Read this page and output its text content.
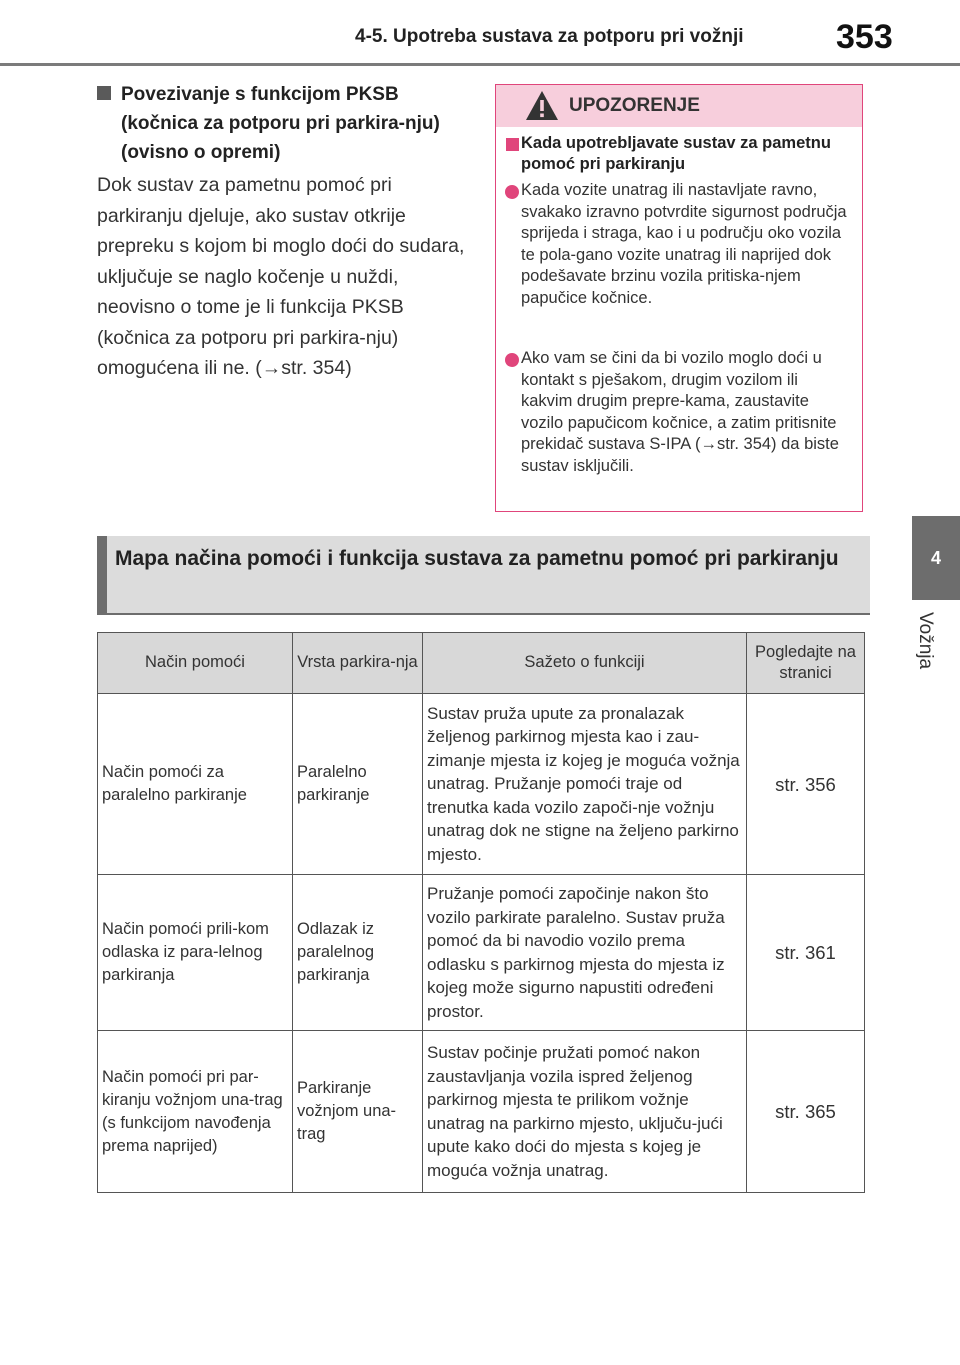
4-5. Upotreba sustava za potporu pri vožnji	353
4
Vožnja
Povezivanje s funkcijom PKSB (kočnica za potporu pri parkira-nju) (ovisno o opremi)
Dok sustav za pametnu pomoć pri parkiranju djeluje, ako sustav otkrije prepreku s kojom bi moglo doći do sudara, uključuje se naglo kočenje u nuždi, neovisno o tome je li funkcija PKSB (kočnica za potporu pri parkira-nju) omogućena ili ne. (→str. 354)
UPOZORENJE
Kada upotrebljavate sustav za pametnu pomoć pri parkiranju
Kada vozite unatrag ili nastavljate ravno, svakako izravno potvrdite sigurnost područja sprijeda i straga, kao i u području oko vozila te pola-gano vozite unatrag ili naprijed dok podešavate brzinu vozila pritiska-njem papučice kočnice.
Ako vam se čini da bi vozilo moglo doći u kontakt s pješakom, drugim vozilom ili kakvim drugim prepre-kama, zaustavite vozilo papučicom kočnice, a zatim pritisnite prekidač sustava S-IPA (→str. 354) da biste sustav isključili.
Mapa načina pomoći i funkcija sustava za pametnu pomoć pri parkiranju
Način pomoći	Vrsta parkira-nja	Sažeto o funkciji	Pogledajte na stranici
Način pomoći za paralelno parkiranje	Paralelno parkiranje	Sustav pruža upute za pronalazak željenog parkirnog mjesta kao i zau-zimanje mjesta iz kojeg je moguća vožnja unatrag. Pružanje pomoći traje od trenutka kada vozilo započi-nje vožnju unatrag dok ne stigne na željeno parkirno mjesto.	str. 356
Način pomoći prili-kom odlaska iz para-lelnog parkiranja	Odlazak iz paralelnog parkiranja	Pružanje pomoći započinje nakon što vozilo parkirate paralelno. Sustav pruža pomoć da bi navodio vozilo prema odlasku s parkirnog mjesta do mjesta iz kojeg može sigurno napustiti određeni prostor.	str. 361
Način pomoći pri par-kiranju vožnjom una-trag (s funkcijom navođenja prema naprijed)	Parkiranje vožnjom una-trag	Sustav počinje pružati pomoć nakon zaustavljanja vozila ispred željenog parkirnog mjesta te prilikom vožnje unatrag na parkirno mjesto, uključu-jući upute kako doći do mjesta s kojeg je moguća vožnja unatrag.	str. 365
